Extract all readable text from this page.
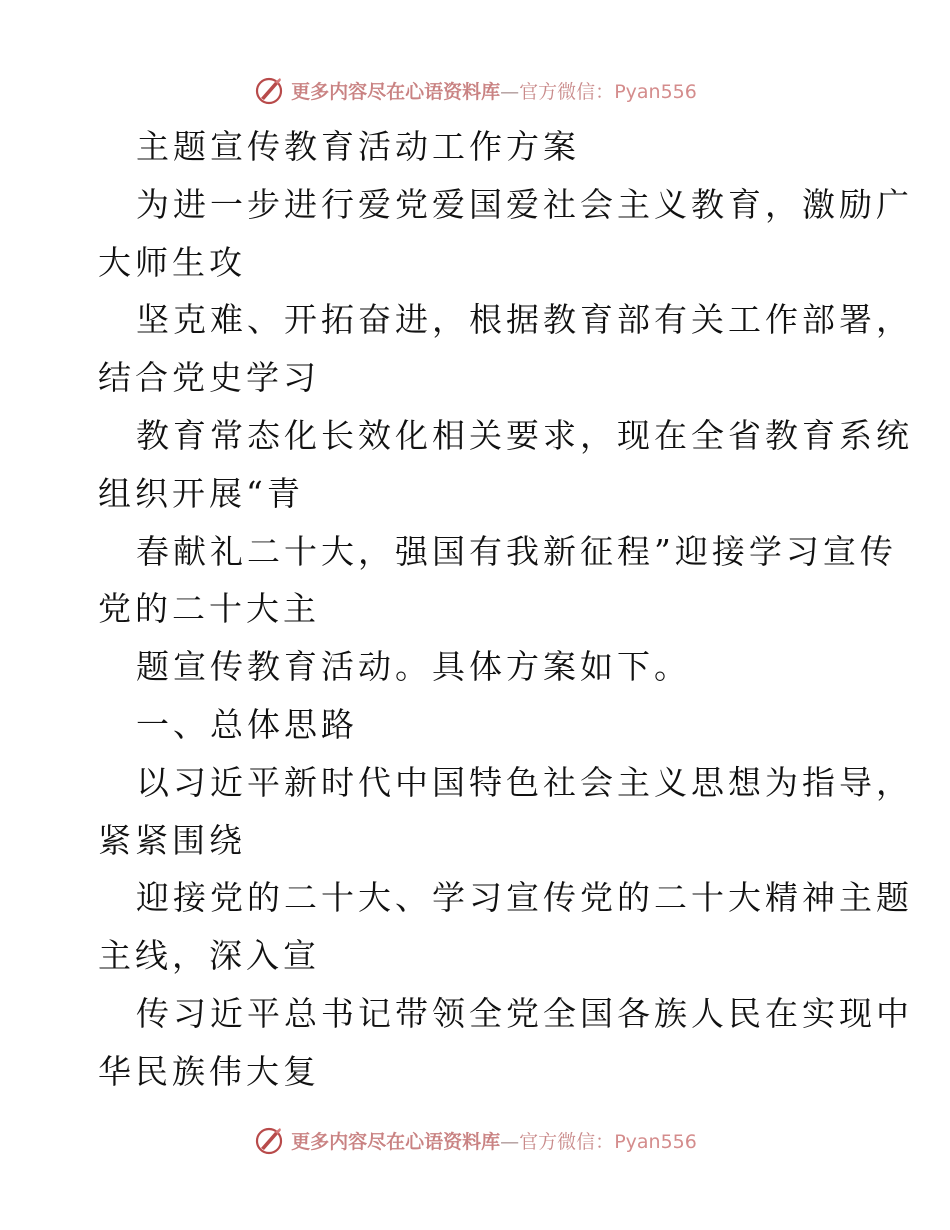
更多内容尽在心语资料库—官方微信：Pyan556
主题宣传教育活动工作方案
为进一步进行爱党爱国爱社会主义教育，激励广
大师生攻
坚克难、开拓奋进，根据教育部有关工作部署，
结合党史学习
教育常态化长效化相关要求，现在全省教育系统
组织开展“青
春献礼二十大，强国有我新征程”迎接学习宣传
党的二十大主
题宣传教育活动。具体方案如下。
一、总体思路
以习近平新时代中国特色社会主义思想为指导，
紧紧围绕
迎接党的二十大、学习宣传党的二十大精神主题
主线，深入宣
传习近平总书记带领全党全国各族人民在实现中
华民族伟大复
更多内容尽在心语资料库—官方微信：Pyan556
